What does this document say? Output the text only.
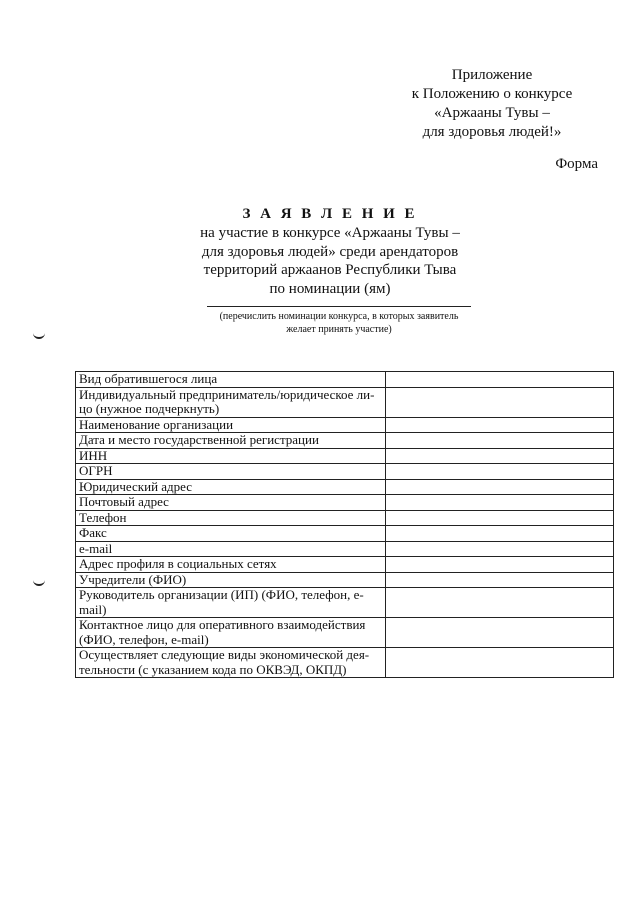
Приложение
к Положению о конкурсе
«Аржааны Тувы –
для здоровья людей!»
Форма
З А Я В Л Е Н И Е
на участие в конкурсе «Аржааны Тувы –
для здоровья людей» среди арендаторов
территорий аржаанов Республики Тыва
по номинации (ям)
(перечислить номинации конкурса, в которых заявитель
желает принять участие)
Вид обратившегося лица	

Индивидуальный предприниматель/юридическое ли-
цо (нужное подчеркнуть)	

Наименование организации	
Дата и место государственной регистрации	
ИНН	
ОГРН	
Юридический адрес	
Почтовый адрес	
Телефон	
Факс	
e-mail	
Адрес профиля в социальных сетях	
Учредители (ФИО)	

Руководитель организации (ИП) (ФИО, телефон, e-
mail)	

Контактное лицо для оперативного взаимодействия
(ФИО, телефон, e-mail)	

Осуществляет следующие виды экономической дея-
тельности (с указанием кода по ОКВЭД, ОКПД)	
